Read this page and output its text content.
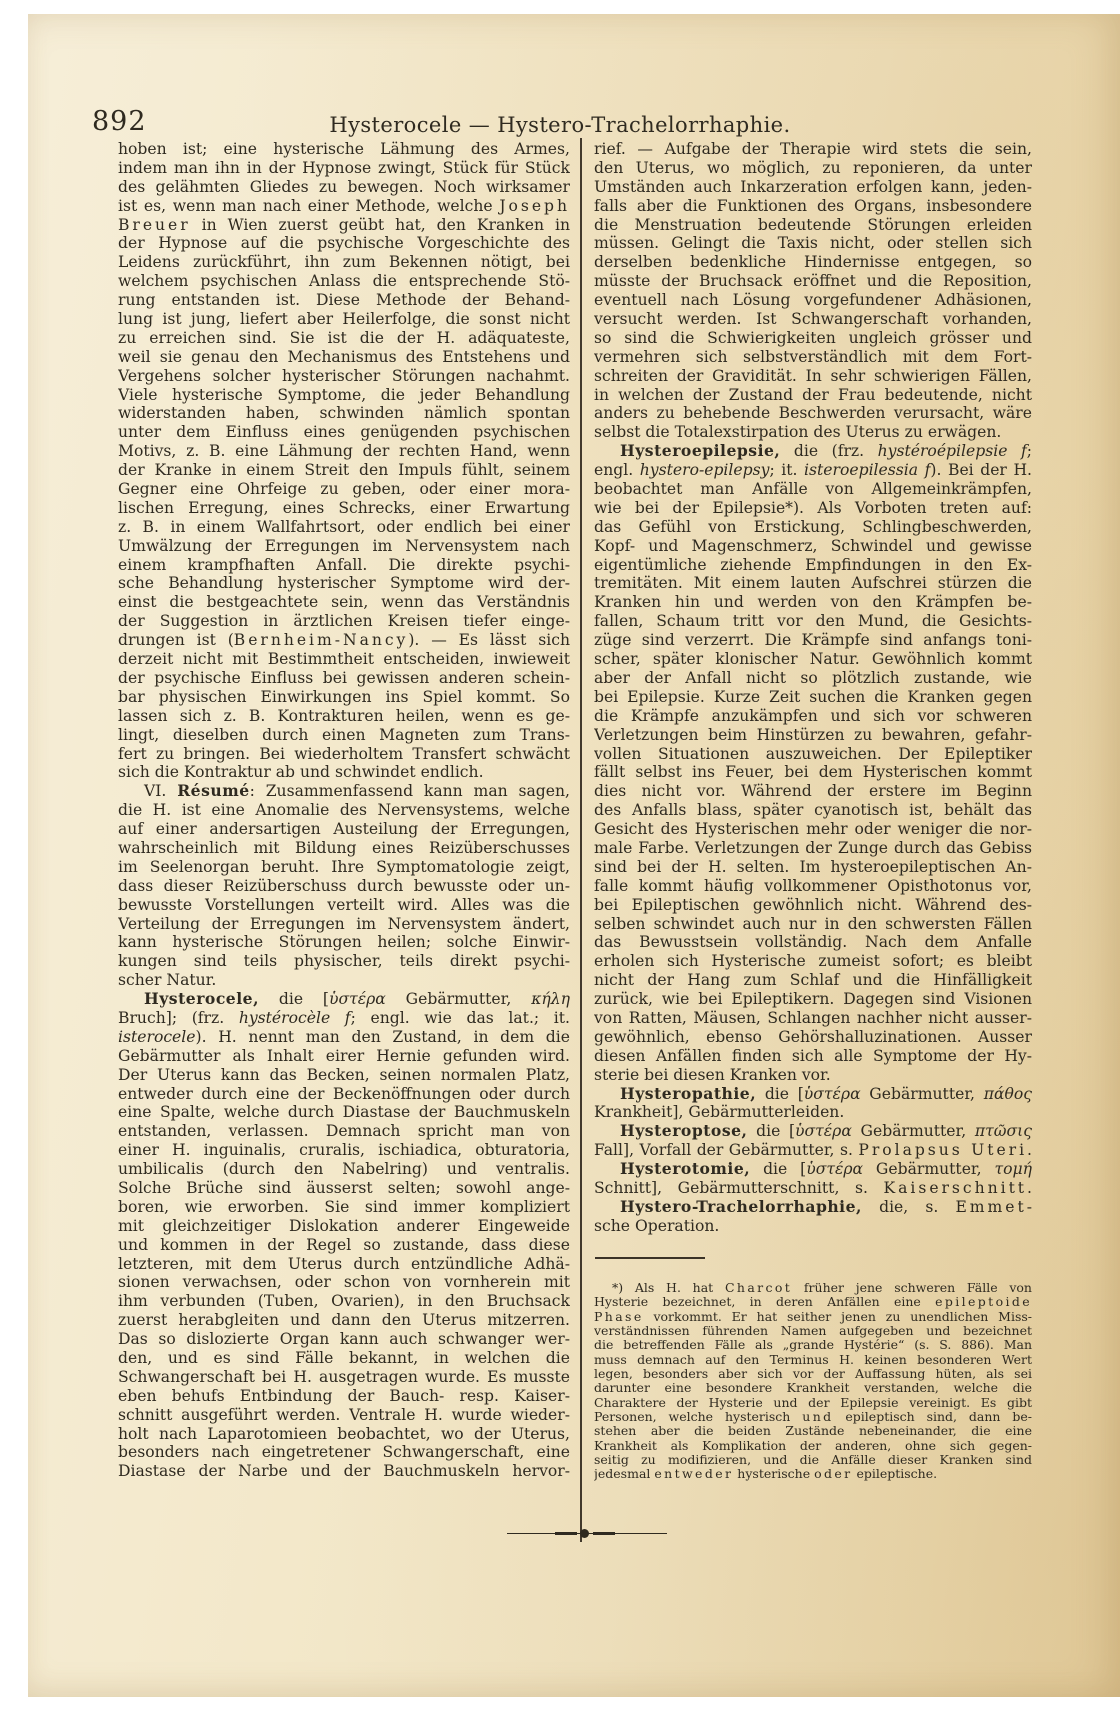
892	Hysterocele — Hystero-Trachelorrhaphie.
hoben ist; eine hysterische Lähmung des Armes,
indem man ihn in der Hypnose zwingt, Stück für Stück
des gelähmten Gliedes zu bewegen. Noch wirksamer
ist es, wenn man nach einer Methode, welche Joseph
Breuer in Wien zuerst geübt hat, den Kranken in
der Hypnose auf die psychische Vorgeschichte des
Leidens zurückführt, ihn zum Bekennen nötigt, bei
welchem psychischen Anlass die entsprechende Stö-
rung entstanden ist. Diese Methode der Behand-
lung ist jung, liefert aber Heilerfolge, die sonst nicht
zu erreichen sind. Sie ist die der H. adäquateste,
weil sie genau den Mechanismus des Entstehens und
Vergehens solcher hysterischer Störungen nachahmt.
Viele hysterische Symptome, die jeder Behandlung
widerstanden haben, schwinden nämlich spontan
unter dem Einfluss eines genügenden psychischen
Motivs, z. B. eine Lähmung der rechten Hand, wenn
der Kranke in einem Streit den Impuls fühlt, seinem
Gegner eine Ohrfeige zu geben, oder einer mora-
lischen Erregung, eines Schrecks, einer Erwartung
z. B. in einem Wallfahrtsort, oder endlich bei einer
Umwälzung der Erregungen im Nervensystem nach
einem krampfhaften Anfall. Die direkte psychi-
sche Behandlung hysterischer Symptome wird der-
einst die bestgeachtete sein, wenn das Verständnis
der Suggestion in ärztlichen Kreisen tiefer einge-
drungen ist (Bernheim-Nancy). — Es lässt sich
derzeit nicht mit Bestimmtheit entscheiden, inwieweit
der psychische Einfluss bei gewissen anderen schein-
bar physischen Einwirkungen ins Spiel kommt. So
lassen sich z. B. Kontrakturen heilen, wenn es ge-
lingt, dieselben durch einen Magneten zum Trans-
fert zu bringen. Bei wiederholtem Transfert schwächt
sich die Kontraktur ab und schwindet endlich.
VI. Résumé: Zusammenfassend kann man sagen,
die H. ist eine Anomalie des Nervensystems, welche
auf einer andersartigen Austeilung der Erregungen,
wahrscheinlich mit Bildung eines Reizüberschusses
im Seelenorgan beruht. Ihre Symptomatologie zeigt,
dass dieser Reizüberschuss durch bewusste oder un-
bewusste Vorstellungen verteilt wird. Alles was die
Verteilung der Erregungen im Nervensystem ändert,
kann hysterische Störungen heilen; solche Einwir-
kungen sind teils physischer, teils direkt psychi-
scher Natur.
Hysterocele, die [ὑστέρα Gebärmutter, κήλη
Bruch]; (frz. hystérocèle f; engl. wie das lat.; it.
isterocele). H. nennt man den Zustand, in dem die
Gebärmutter als Inhalt eirer Hernie gefunden wird.
Der Uterus kann das Becken, seinen normalen Platz,
entweder durch eine der Beckenöffnungen oder durch
eine Spalte, welche durch Diastase der Bauchmuskeln
entstanden, verlassen. Demnach spricht man von
einer H. inguinalis, cruralis, ischiadica, obturatoria,
umbilicalis (durch den Nabelring) und ventralis.
Solche Brüche sind äusserst selten; sowohl ange-
boren, wie erworben. Sie sind immer kompliziert
mit gleichzeitiger Dislokation anderer Eingeweide
und kommen in der Regel so zustande, dass diese
letzteren, mit dem Uterus durch entzündliche Adhä-
sionen verwachsen, oder schon von vornherein mit
ihm verbunden (Tuben, Ovarien), in den Bruchsack
zuerst herabgleiten und dann den Uterus mitzerren.
Das so dislozierte Organ kann auch schwanger wer-
den, und es sind Fälle bekannt, in welchen die
Schwangerschaft bei H. ausgetragen wurde. Es musste
eben behufs Entbindung der Bauch- resp. Kaiser-
schnitt ausgeführt werden. Ventrale H. wurde wieder-
holt nach Laparotomieen beobachtet, wo der Uterus,
besonders nach eingetretener Schwangerschaft, eine
Diastase der Narbe und der Bauchmuskeln hervor-
rief. — Aufgabe der Therapie wird stets die sein,
den Uterus, wo möglich, zu reponieren, da unter
Umständen auch Inkarzeration erfolgen kann, jeden-
falls aber die Funktionen des Organs, insbesondere
die Menstruation bedeutende Störungen erleiden
müssen. Gelingt die Taxis nicht, oder stellen sich
derselben bedenkliche Hindernisse entgegen, so
müsste der Bruchsack eröffnet und die Reposition,
eventuell nach Lösung vorgefundener Adhäsionen,
versucht werden. Ist Schwangerschaft vorhanden,
so sind die Schwierigkeiten ungleich grösser und
vermehren sich selbstverständlich mit dem Fort-
schreiten der Gravidität. In sehr schwierigen Fällen,
in welchen der Zustand der Frau bedeutende, nicht
anders zu behebende Beschwerden verursacht, wäre
selbst die Totalexstirpation des Uterus zu erwägen.
Hysteroepilepsie, die (frz. hystéroépilepsie f;
engl. hystero-epilepsy; it. isteroepilessia f). Bei der H.
beobachtet man Anfälle von Allgemeinkrämpfen,
wie bei der Epilepsie*). Als Vorboten treten auf:
das Gefühl von Erstickung, Schlingbeschwerden,
Kopf- und Magenschmerz, Schwindel und gewisse
eigentümliche ziehende Empfindungen in den Ex-
tremitäten. Mit einem lauten Aufschrei stürzen die
Kranken hin und werden von den Krämpfen be-
fallen, Schaum tritt vor den Mund, die Gesichts-
züge sind verzerrt. Die Krämpfe sind anfangs toni-
scher, später klonischer Natur. Gewöhnlich kommt
aber der Anfall nicht so plötzlich zustande, wie
bei Epilepsie. Kurze Zeit suchen die Kranken gegen
die Krämpfe anzukämpfen und sich vor schweren
Verletzungen beim Hinstürzen zu bewahren, gefahr-
vollen Situationen auszuweichen. Der Epileptiker
fällt selbst ins Feuer, bei dem Hysterischen kommt
dies nicht vor. Während der erstere im Beginn
des Anfalls blass, später cyanotisch ist, behält das
Gesicht des Hysterischen mehr oder weniger die nor-
male Farbe. Verletzungen der Zunge durch das Gebiss
sind bei der H. selten. Im hysteroepileptischen An-
falle kommt häufig vollkommener Opisthotonus vor,
bei Epileptischen gewöhnlich nicht. Während des-
selben schwindet auch nur in den schwersten Fällen
das Bewusstsein vollständig. Nach dem Anfalle
erholen sich Hysterische zumeist sofort; es bleibt
nicht der Hang zum Schlaf und die Hinfälligkeit
zurück, wie bei Epileptikern. Dagegen sind Visionen
von Ratten, Mäusen, Schlangen nachher nicht ausser-
gewöhnlich, ebenso Gehörshalluzinationen. Ausser
diesen Anfällen finden sich alle Symptome der Hy-
sterie bei diesen Kranken vor.
Hysteropathie, die [ὑστέρα Gebärmutter, πάθος
Krankheit], Gebärmutterleiden.
Hysteroptose, die [ὑστέρα Gebärmutter, πτῶσις
Fall], Vorfall der Gebärmutter, s. Prolapsus Uteri.
Hysterotomie, die [ὑστέρα Gebärmutter, τομή
Schnitt], Gebärmutterschnitt, s. Kaiserschnitt.
Hystero-Trachelorrhaphie, die, s. Emmet-
sche Operation.
*) Als H. hat Charcot früher jene schweren Fälle von
Hysterie bezeichnet, in deren Anfällen eine epileptoide
Phase vorkommt. Er hat seither jenen zu unendlichen Miss-
verständnissen führenden Namen aufgegeben und bezeichnet
die betreffenden Fälle als „grande Hystérie“ (s. S. 886). Man
muss demnach auf den Terminus H. keinen besonderen Wert
legen, besonders aber sich vor der Auffassung hüten, als sei
darunter eine besondere Krankheit verstanden, welche die
Charaktere der Hysterie und der Epilepsie vereinigt. Es gibt
Personen, welche hysterisch und epileptisch sind, dann be-
stehen aber die beiden Zustände nebeneinander, die eine
Krankheit als Komplikation der anderen, ohne sich gegen-
seitig zu modifizieren, und die Anfälle dieser Kranken sind
jedesmal entweder hysterische oder epileptische.
